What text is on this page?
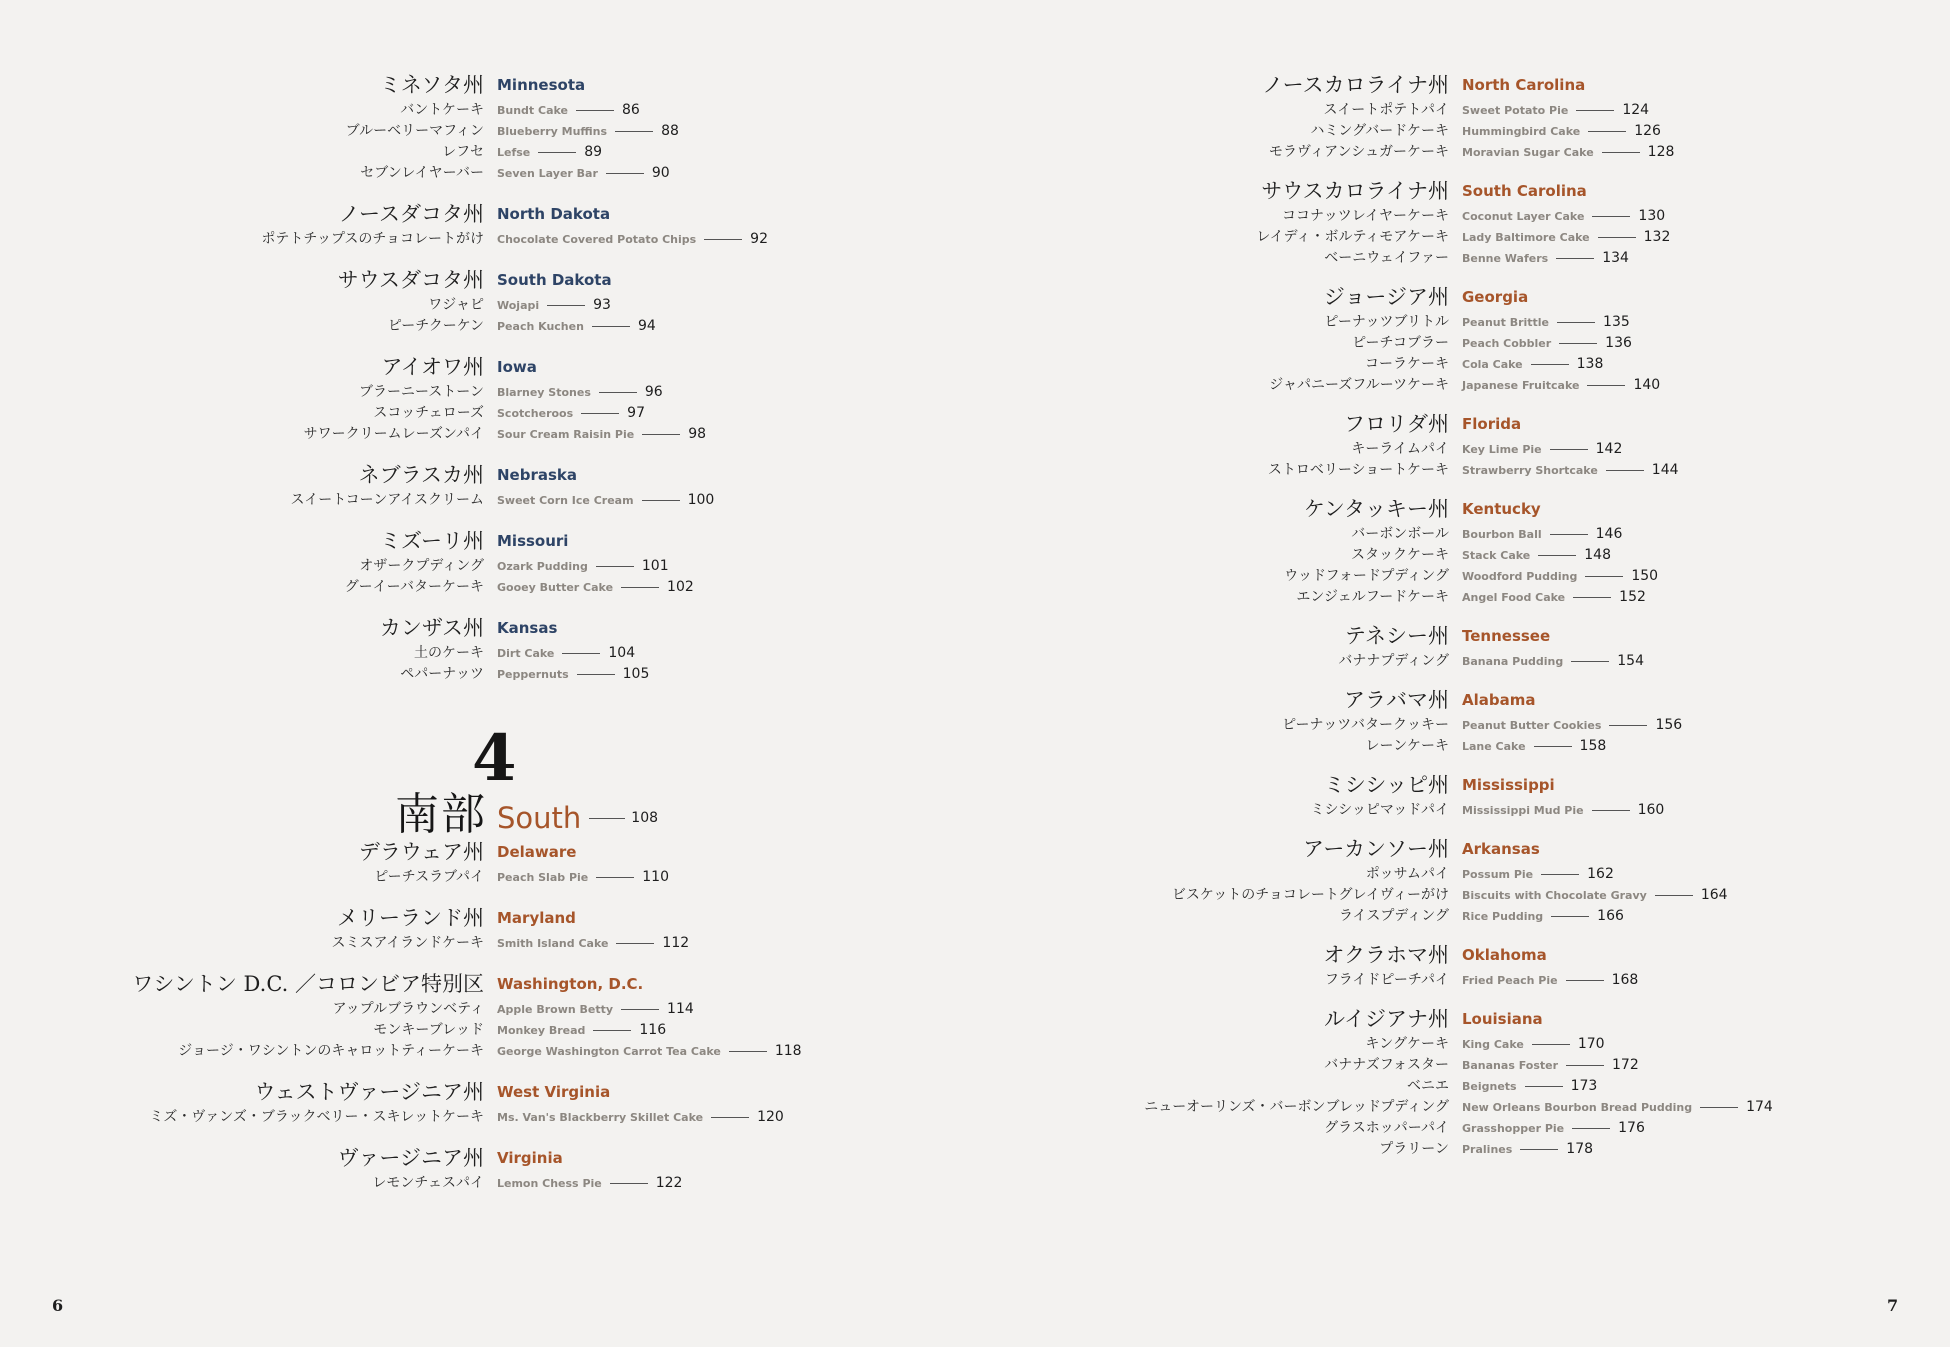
ミネソタ州 Minnesota
バントケーキ	Bundt Cake	86
ブルーベリーマフィン	Blueberry Muffins	88
レフセ	Lefse	89
セブンレイヤーバー	Seven Layer Bar	90
ノースダコタ州 North Dakota
ポテトチップスのチョコレートがけ	Chocolate Covered Potato Chips	92
サウスダコタ州 South Dakota
ワジャピ	Wojapi	93
ピーチクーケン	Peach Kuchen	94
アイオワ州 Iowa
ブラーニーストーン	Blarney Stones	96
スコッチェローズ	Scotcheroos	97
サワークリームレーズンパイ	Sour Cream Raisin Pie	98
ネブラスカ州 Nebraska
スイートコーンアイスクリーム	Sweet Corn Ice Cream	100
ミズーリ州 Missouri
オザークプディング	Ozark Pudding	101
グーイーバターケーキ	Gooey Butter Cake	102
カンザス州 Kansas
土のケーキ	Dirt Cake	104
ペパーナッツ	Peppernuts	105
4
南部 South	108
デラウェア州 Delaware
ピーチスラブパイ	Peach Slab Pie	110
メリーランド州 Maryland
スミスアイランドケーキ	Smith Island Cake	112
ワシントン D.C. ／コロンビア特別区 Washington, D.C.
アップルブラウンベティ	Apple Brown Betty	114
モンキーブレッド	Monkey Bread	116
ジョージ・ワシントンのキャロットティーケーキ	George Washington Carrot Tea Cake	118
ウェストヴァージニア州 West Virginia
ミズ・ヴァンズ・ブラックベリー・スキレットケーキ	Ms. Van's Blackberry Skillet Cake	120
ヴァージニア州 Virginia
レモンチェスパイ	Lemon Chess Pie	122
ノースカロライナ州 North Carolina
スイートポテトパイ	Sweet Potato Pie	124
ハミングバードケーキ	Hummingbird Cake	126
モラヴィアンシュガーケーキ	Moravian Sugar Cake	128
サウスカロライナ州 South Carolina
ココナッツレイヤーケーキ	Coconut Layer Cake	130
レイディ・ボルティモアケーキ	Lady Baltimore Cake	132
ベーニウェイファー	Benne Wafers	134
ジョージア州 Georgia
ピーナッツブリトル	Peanut Brittle	135
ピーチコブラー	Peach Cobbler	136
コーラケーキ	Cola Cake	138
ジャパニーズフルーツケーキ	Japanese Fruitcake	140
フロリダ州 Florida
キーライムパイ	Key Lime Pie	142
ストロベリーショートケーキ	Strawberry Shortcake	144
ケンタッキー州 Kentucky
バーボンボール	Bourbon Ball	146
スタックケーキ	Stack Cake	148
ウッドフォードプディング	Woodford Pudding	150
エンジェルフードケーキ	Angel Food Cake	152
テネシー州 Tennessee
バナナプディング	Banana Pudding	154
アラバマ州 Alabama
ピーナッツバタークッキー	Peanut Butter Cookies	156
レーンケーキ	Lane Cake	158
ミシシッピ州 Mississippi
ミシシッピマッドパイ	Mississippi Mud Pie	160
アーカンソー州 Arkansas
ポッサムパイ	Possum Pie	162
ビスケットのチョコレートグレイヴィーがけ	Biscuits with Chocolate Gravy	164
ライスプディング	Rice Pudding	166
オクラホマ州 Oklahoma
フライドピーチパイ	Fried Peach Pie	168
ルイジアナ州 Louisiana
キングケーキ	King Cake	170
バナナズフォスター	Bananas Foster	172
ベニエ	Beignets	173
ニューオーリンズ・バーボンブレッドプディング	New Orleans Bourbon Bread Pudding	174
グラスホッパーパイ	Grasshopper Pie	176
プラリーン	Pralines	178
6	7
